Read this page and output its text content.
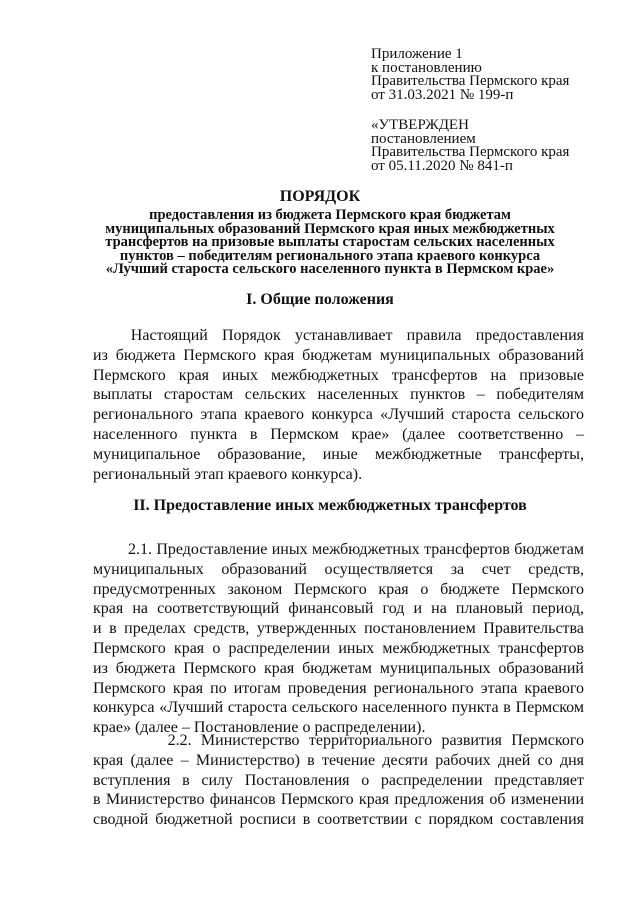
Приложение 1
к постановлению
Правительства Пермского края
от 31.03.2021 № 199-п
«УТВЕРЖДЕН
постановлением
Правительства Пермского края
от 05.11.2020 № 841-п
ПОРЯДОК
предоставления из бюджета Пермского края бюджетам
муниципальных образований Пермского края иных межбюджетных
трансфертов на призовые выплаты старостам сельских населенных
пунктов – победителям регионального этапа краевого конкурса
«Лучший староста сельского населенного пункта в Пермском крае»
I. Общие положения
Настоящий   Порядок   устанавливает   правила   предоставления
из бюджета Пермского края бюджетам муниципальных образований
Пермского края иных межбюджетных трансфертов на призовые
выплаты старостам сельских населенных пунктов – победителям
регионального этапа краевого конкурса «Лучший староста сельского
населенного пункта в Пермском крае» (далее соответственно –
муниципальное образование, иные межбюджетные трансферты,
региональный этап краевого конкурса).
II. Предоставление иных межбюджетных трансфертов
2.1. Предоставление иных межбюджетных трансфертов бюджетам
муниципальных образований осуществляется за счет средств,
предусмотренных законом Пермского края о бюджете Пермского
края на соответствующий финансовый год и на плановый период,
и в пределах средств, утвержденных постановлением Правительства
Пермского края о распределении иных межбюджетных трансфертов
из бюджета Пермского края бюджетам муниципальных образований
Пермского края по итогам проведения регионального этапа краевого
конкурса «Лучший староста сельского населенного пункта в Пермском
крае» (далее – Постановление о распределении).
2.2. Министерство территориального развития Пермского
края (далее – Министерство) в течение десяти рабочих дней со дня
вступления в силу Постановления о распределении представляет
в Министерство финансов Пермского края предложения об изменении
сводной бюджетной росписи в соответствии с порядком составления
